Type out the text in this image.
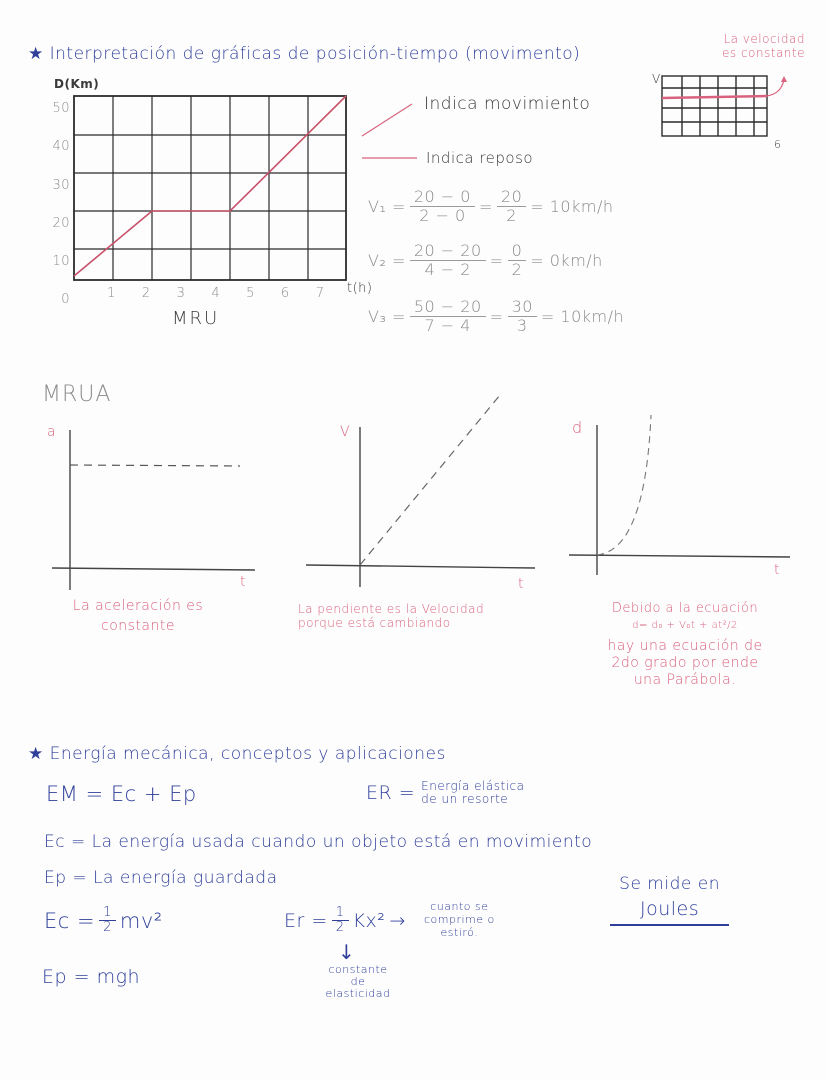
★ Interpretación de gráficas de posición-tiempo (movimento)
La velocidad
es constante
V
6
D(Km)
50
40
30
20
10
0	1 2 3 4 5 6 7 t(h)
MRU
Indica movimiento
Indica reposo
$V_1 = \frac{20 - 0}{2 - 0} = \frac{20}{2} = 10km/h$
$V_2 = \frac{20 - 20}{4 - 2} = \frac{0}{2} = 0km/h$
$V_3 = \frac{50 - 20}{7 - 4} = \frac{30}{3} = 10km/h$
MRUA
a
t
La aceleración es
constante
V
t
La pendiente es la Velocidad
porque está cambiando
d
t
Debido a la ecuación
d= d₀ + V₀t + at²/2
hay una ecuación de
2do grado por ende
una Parábola.
★ Energía mecánica, conceptos y aplicaciones
EM = Ec + Ep	ER = Energía elástica
de un resorte
Ec = La energía usada cuando un objeto está en movimiento
Ep = La energía guardada	Se mide en
Joules
$Ec = \frac{1}{2} mv^2$	$Er = \frac{1}{2} Kx^2$ →
cuanto se
comprime o
estiró.
↓
constante
de
elasticidad
Ep = mgh
